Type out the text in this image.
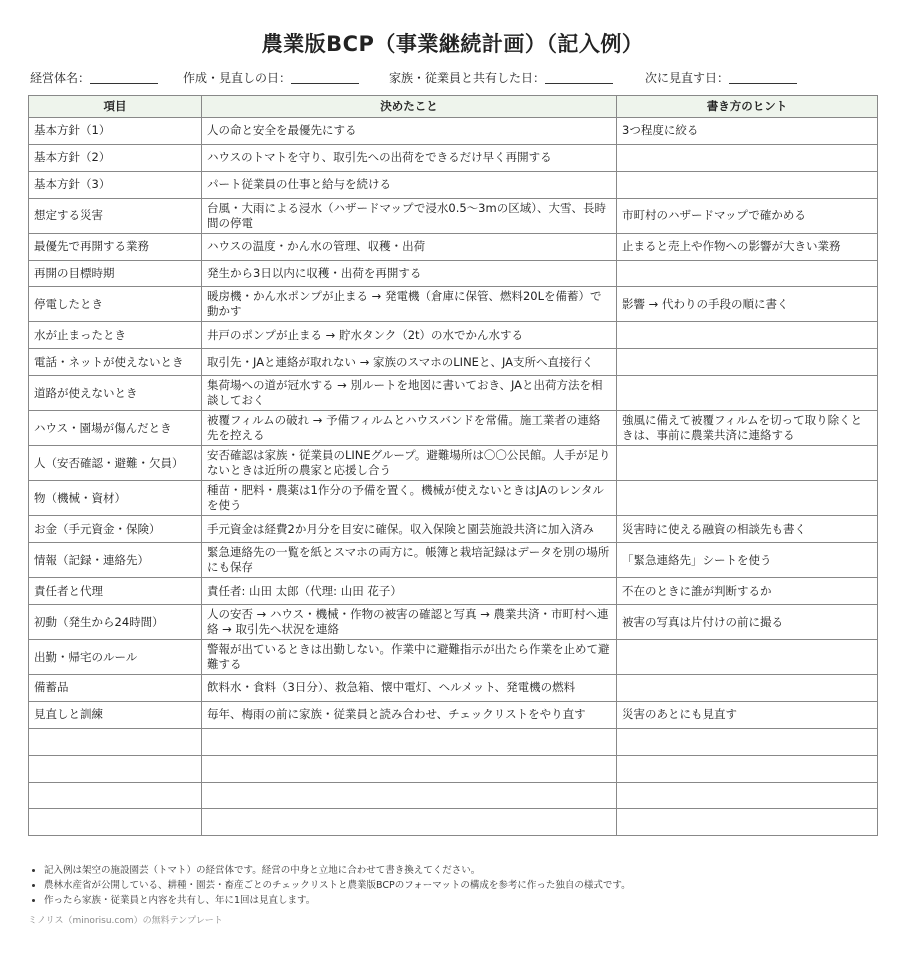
農業版BCP（事業継続計画）（記入例）
経営体名：	作成・見直しの日：	家族・従業員と共有した日：	次に見直す日：
項目	決めたこと	書き方のヒント
基本方針（1）	人の命と安全を最優先にする	3つ程度に絞る
基本方針（2）	ハウスのトマトを守り、取引先への出荷をできるだけ早く再開する	
基本方針（3）	パート従業員の仕事と給与を続ける	
想定する災害	台風・大雨による浸水（ハザードマップで浸水0.5〜3mの区域）、大雪、長時間の停電	市町村のハザードマップで確かめる
最優先で再開する業務	ハウスの温度・かん水の管理、収穫・出荷	止まると売上や作物への影響が大きい業務
再開の目標時期	発生から3日以内に収穫・出荷を再開する	
停電したとき	暖房機・かん水ポンプが止まる → 発電機（倉庫に保管、燃料20Lを備蓄）で動かす	影響 → 代わりの手段の順に書く
水が止まったとき	井戸のポンプが止まる → 貯水タンク（2t）の水でかん水する	
電話・ネットが使えないとき	取引先・JAと連絡が取れない → 家族のスマホのLINEと、JA支所へ直接行く	
道路が使えないとき	集荷場への道が冠水する → 別ルートを地図に書いておき、JAと出荷方法を相談しておく	
ハウス・園場が傷んだとき	被覆フィルムの破れ → 予備フィルムとハウスバンドを常備。施工業者の連絡先を控える	強風に備えて被覆フィルムを切って取り除くときは、事前に農業共済に連絡する
人（安否確認・避難・欠員）	安否確認は家族・従業員のLINEグループ。避難場所は〇〇公民館。人手が足りないときは近所の農家と応援し合う	
物（機械・資材）	種苗・肥料・農薬は1作分の予備を置く。機械が使えないときはJAのレンタルを使う	
お金（手元資金・保険）	手元資金は経費2か月分を目安に確保。収入保険と園芸施設共済に加入済み	災害時に使える融資の相談先も書く
情報（記録・連絡先）	緊急連絡先の一覧を紙とスマホの両方に。帳簿と栽培記録はデータを別の場所にも保存	「緊急連絡先」シートを使う
責任者と代理	責任者: 山田 太郎（代理: 山田 花子）	不在のときに誰が判断するか
初動（発生から24時間）	人の安否 → ハウス・機械・作物の被害の確認と写真 → 農業共済・市町村へ連絡 → 取引先へ状況を連絡	被害の写真は片付けの前に撮る
出勤・帰宅のルール	警報が出ているときは出勤しない。作業中に避難指示が出たら作業を止めて避難する	
備蓄品	飲料水・食料（3日分）、救急箱、懐中電灯、ヘルメット、発電機の燃料	
見直しと訓練	毎年、梅雨の前に家族・従業員と読み合わせ、チェックリストをやり直す	災害のあとにも見直す

• 記入例は架空の施設園芸（トマト）の経営体です。経営の中身と立地に合わせて書き換えてください。
• 農林水産省が公開している、耕種・園芸・畜産ごとのチェックリストと農業版BCPのフォーマットの構成を参考に作った独自の様式です。
• 作ったら家族・従業員と内容を共有し、年に1回は見直します。
ミノリス（minorisu.com）の無料テンプレート
